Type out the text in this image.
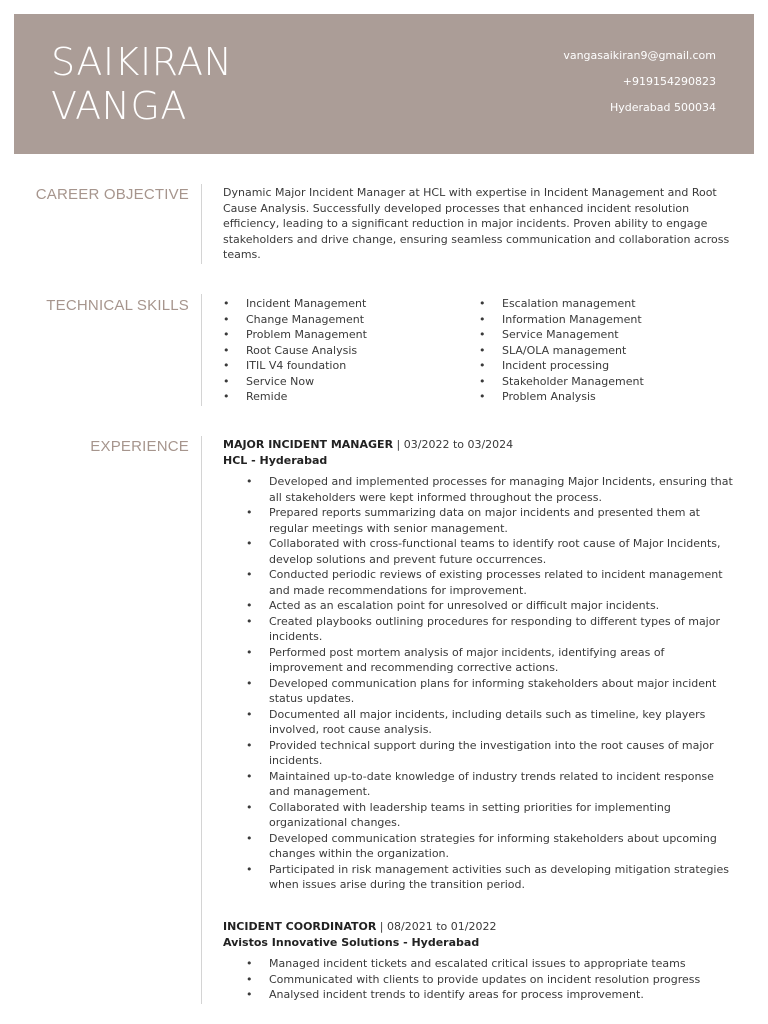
SAIKIRAN
VANGA
vangasaikiran9@gmail.com
+919154290823
Hyderabad 500034
CAREER OBJECTIVE	Dynamic Major Incident Manager at HCL with expertise in Incident Management and Root Cause Analysis. Successfully developed processes that enhanced incident resolution efficiency, leading to a significant reduction in major incidents. Proven ability to engage stakeholders and drive change, ensuring seamless communication and collaboration across teams.
TECHNICAL SKILLS
•	Incident Management
• Change Management
• Problem Management
• Root Cause Analysis
• ITIL V4 foundation
• Service Now
• Remide
• Escalation management
• Information Management
• Service Management
• SLA/OLA management
• Incident processing
• Stakeholder Management
• Problem Analysis
EXPERIENCE	MAJOR INCIDENT MANAGER | 03/2022 to 03/2024
HCL - Hyderabad
• Developed and implemented processes for managing Major Incidents, ensuring that all stakeholders were kept informed throughout the process.
• Prepared reports summarizing data on major incidents and presented them at regular meetings with senior management.
• Collaborated with cross-functional teams to identify root cause of Major Incidents, develop solutions and prevent future occurrences.
• Conducted periodic reviews of existing processes related to incident management and made recommendations for improvement.
• Acted as an escalation point for unresolved or difficult major incidents.
• Created playbooks outlining procedures for responding to different types of major incidents.
• Performed post mortem analysis of major incidents, identifying areas of improvement and recommending corrective actions.
• Developed communication plans for informing stakeholders about major incident status updates.
• Documented all major incidents, including details such as timeline, key players involved, root cause analysis.
• Provided technical support during the investigation into the root causes of major incidents.
• Maintained up-to-date knowledge of industry trends related to incident response and management.
• Collaborated with leadership teams in setting priorities for implementing organizational changes.
• Developed communication strategies for informing stakeholders about upcoming changes within the organization.
• Participated in risk management activities such as developing mitigation strategies when issues arise during the transition period.
INCIDENT COORDINATOR | 08/2021 to 01/2022
Avistos Innovative Solutions - Hyderabad
• Managed incident tickets and escalated critical issues to appropriate teams
• Communicated with clients to provide updates on incident resolution progress
• Analysed incident trends to identify areas for process improvement.
